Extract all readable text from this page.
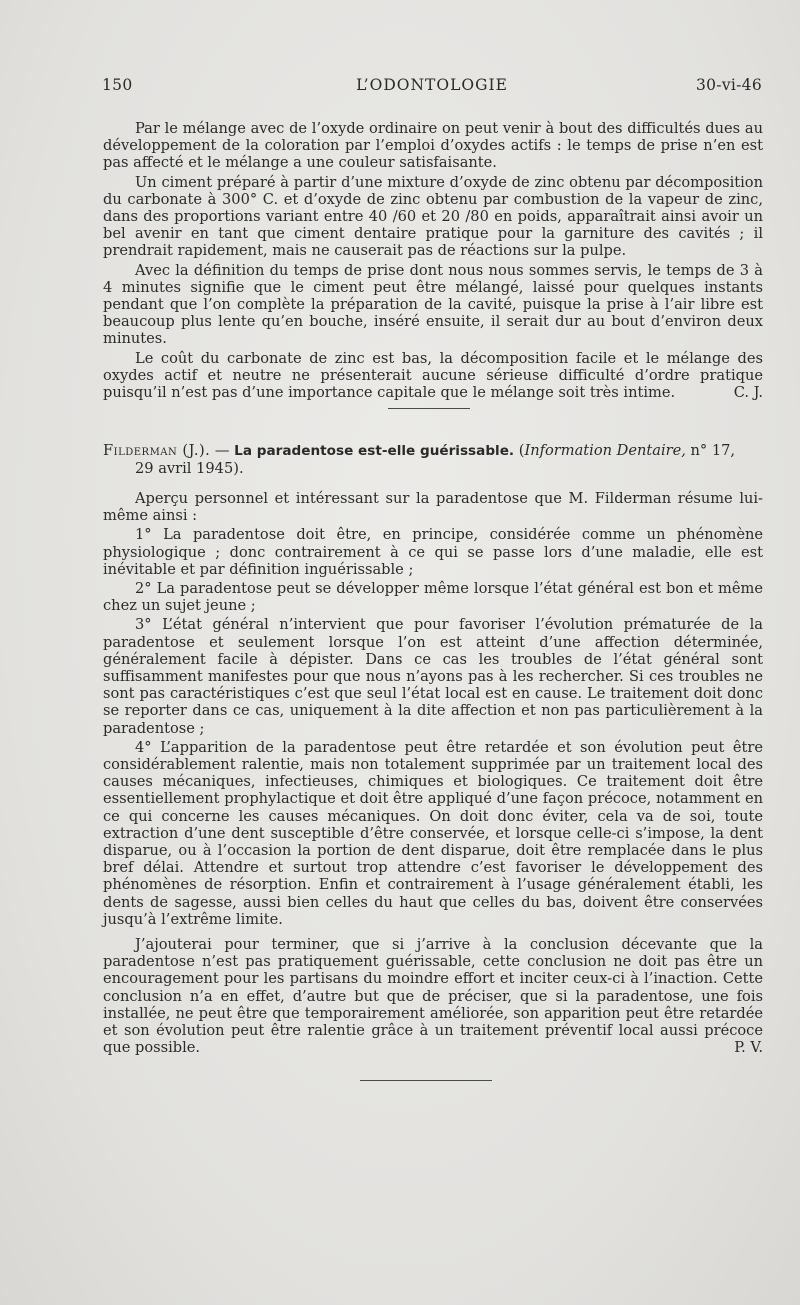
150	L’ODONTOLOGIE	30-vi-46

Par le mélange avec de l’oxyde ordinaire on peut venir à bout des difficultés dues au développement de la coloration par l’emploi d’oxydes actifs : le temps de prise n’en est pas affecté et le mélange a une couleur satisfaisante.

Un ciment préparé à partir d’une mixture d’oxyde de zinc obtenu par décomposition du carbonate à 300° C. et d’oxyde de zinc obtenu par combustion de la vapeur de zinc, dans des proportions variant entre 40 /60 et 20 /80 en poids, apparaîtrait ainsi avoir un bel avenir en tant que ciment dentaire pratique pour la garniture des cavités ; il prendrait rapidement, mais ne causerait pas de réactions sur la pulpe.

Avec la définition du temps de prise dont nous nous sommes servis, le temps de 3 à 4 minutes signifie que le ciment peut être mélangé, laissé pour quelques instants pendant que l’on complète la préparation de la cavité, puisque la prise à l’air libre est beaucoup plus lente qu’en bouche, inséré ensuite, il serait dur au bout d’environ deux minutes.

Le coût du carbonate de zinc est bas, la décomposition facile et le mélange des oxydes actif et neutre ne présenterait aucune sérieuse difficulté d’ordre pratique puisqu’il n’est pas d’une importance capitale que le mélange soit très intime.	C. J.

Filderman (J.). — La paradentose est-elle guérissable. (Information Dentaire, n° 17,
29 avril 1945).

Aperçu personnel et intéressant sur la paradentose que M. Filderman résume lui-même ainsi :

1° La paradentose doit être, en principe, considérée comme un phénomène physiologique ; donc contrairement à ce qui se passe lors d’une maladie, elle est inévitable et par définition inguérissable ;

2° La paradentose peut se développer même lorsque l’état général est bon et même chez un sujet jeune ;

3° L’état général n’intervient que pour favoriser l’évolution prématurée de la paradentose et seulement lorsque l’on est atteint d’une affection déterminée, généralement facile à dépister. Dans ce cas les troubles de l’état général sont suffisamment manifestes pour que nous n’ayons pas à les rechercher. Si ces troubles ne sont pas caractéristiques c’est que seul l’état local est en cause. Le traitement doit donc se reporter dans ce cas, uniquement à la dite affection et non pas particulièrement à la paradentose ;

4° L’apparition de la paradentose peut être retardée et son évolution peut être considérablement ralentie, mais non totalement supprimée par un traitement local des causes mécaniques, infectieuses, chimiques et biologiques. Ce traitement doit être essentiellement prophylactique et doit être appliqué d’une façon précoce, notamment en ce qui concerne les causes mécaniques. On doit donc éviter, cela va de soi, toute extraction d’une dent susceptible d’être conservée, et lorsque celle-ci s’impose, la dent disparue, ou à l’occasion la portion de dent disparue, doit être remplacée dans le plus bref délai. Attendre et surtout trop attendre c’est favoriser le développement des phénomènes de résorption. Enfin et contrairement à l’usage généralement établi, les dents de sagesse, aussi bien celles du haut que celles du bas, doivent être conservées jusqu’à l’extrême limite.

J’ajouterai pour terminer, que si j’arrive à la conclusion décevante que la paradentose n’est pas pratiquement guérissable, cette conclusion ne doit pas être un encouragement pour les partisans du moindre effort et inciter ceux-ci à l’inaction. Cette conclusion n’a en effet, d’autre but que de préciser, que si la paradentose, une fois installée, ne peut être que temporairement améliorée, son apparition peut être retardée et son évolution peut être ralentie grâce à un traitement préventif local aussi précoce que possible.	P. V.
